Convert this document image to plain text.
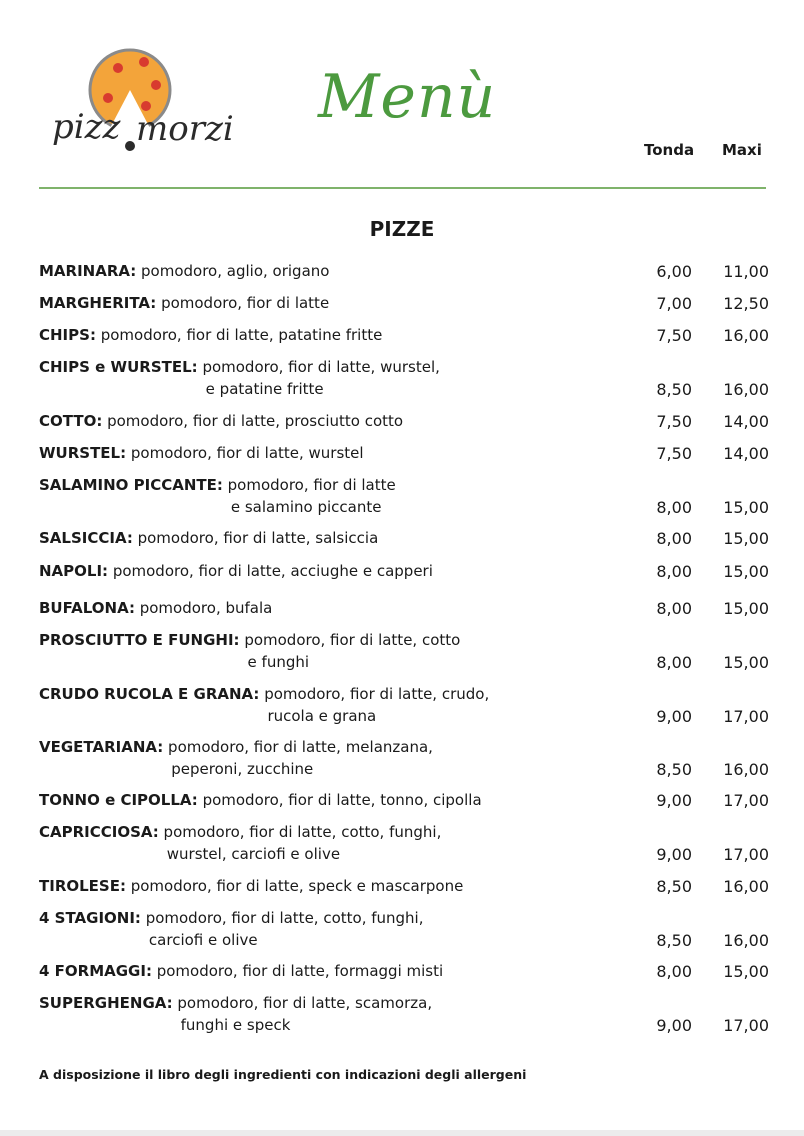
pizz morzi Menù
Tonda Maxi
PIZZE
MARINARA: pomodoro, aglio, origano	6,00	11,00
MARGHERITA: pomodoro, fior di latte	7,00	12,50
CHIPS: pomodoro, fior di latte, patatine fritte	7,50	16,00
CHIPS e WURSTEL: pomodoro, fior di latte, wurstel,
e patatine fritte	8,50	16,00
COTTO: pomodoro, fior di latte, prosciutto cotto	7,50	14,00
WURSTEL: pomodoro, fior di latte, wurstel	7,50	14,00
SALAMINO PICCANTE: pomodoro, fior di latte
e salamino piccante	8,00	15,00
SALSICCIA: pomodoro, fior di latte, salsiccia	8,00	15,00
NAPOLI: pomodoro, fior di latte, acciughe e capperi	8,00	15,00
BUFALONA: pomodoro, bufala	8,00	15,00
PROSCIUTTO E FUNGHI: pomodoro, fior di latte, cotto
e funghi	8,00	15,00
CRUDO RUCOLA E GRANA: pomodoro, fior di latte, crudo,
rucola e grana	9,00	17,00
VEGETARIANA: pomodoro, fior di latte, melanzana,
peperoni, zucchine	8,50	16,00
TONNO e CIPOLLA: pomodoro, fior di latte, tonno, cipolla	9,00	17,00
CAPRICCIOSA: pomodoro, fior di latte, cotto, funghi,
wurstel, carciofi e olive	9,00	17,00
TIROLESE: pomodoro, fior di latte, speck e mascarpone	8,50	16,00
4 STAGIONI: pomodoro, fior di latte, cotto, funghi,
carciofi e olive	8,50	16,00
4 FORMAGGI: pomodoro, fior di latte, formaggi misti	8,00	15,00
SUPERGHENGA: pomodoro, fior di latte, scamorza,
funghi e speck	9,00	17,00
A disposizione il libro degli ingredienti con indicazioni degli allergeni
